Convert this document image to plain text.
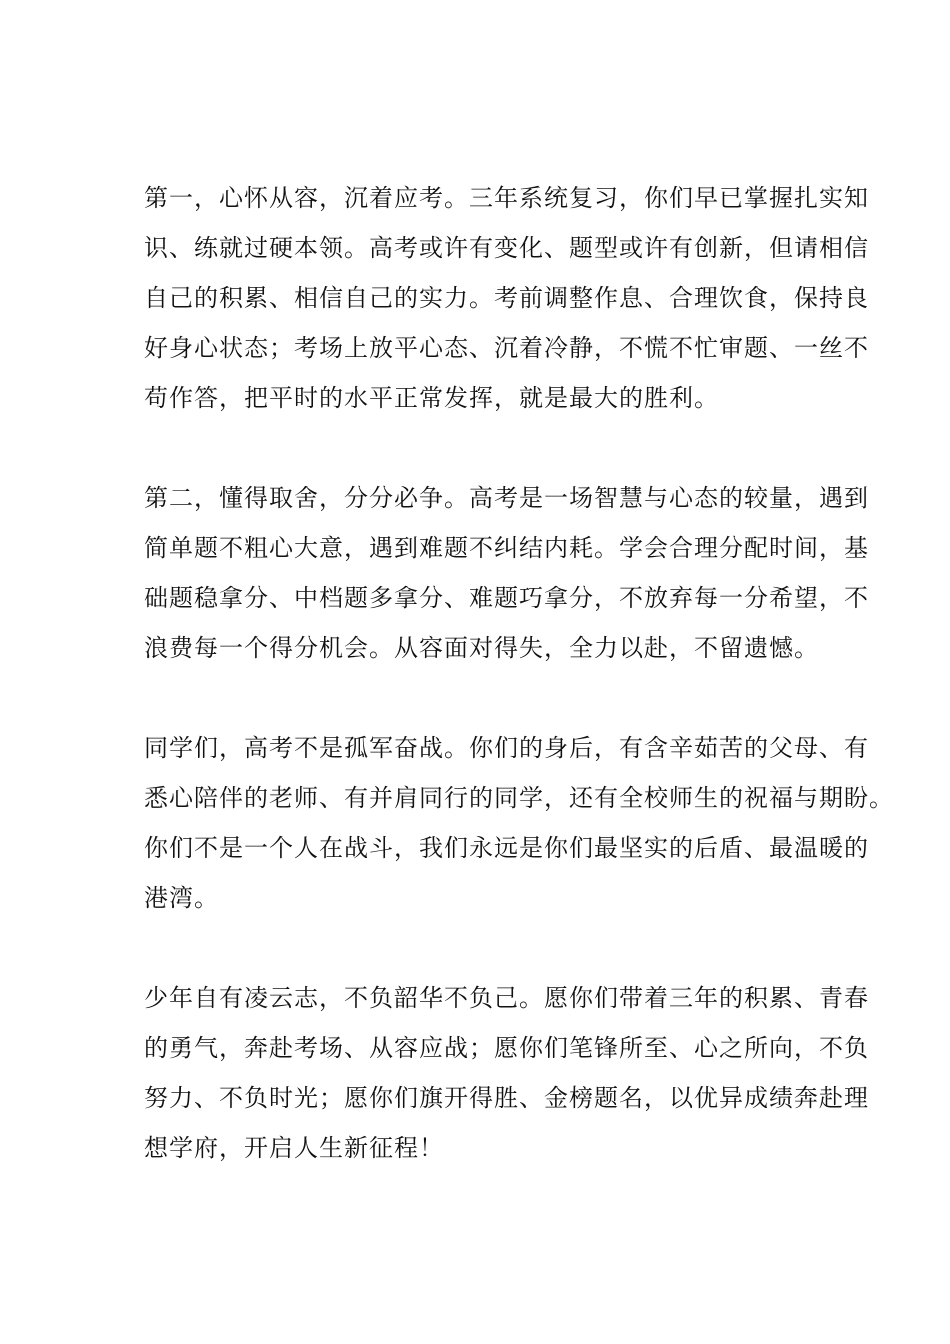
第一，心怀从容，沉着应考。三年系统复习，你们早已掌握扎实知
识、练就过硬本领。高考或许有变化、题型或许有创新，但请相信
自己的积累、相信自己的实力。考前调整作息、合理饮食，保持良
好身心状态；考场上放平心态、沉着冷静，不慌不忙审题、一丝不
苟作答，把平时的水平正常发挥，就是最大的胜利。
第二，懂得取舍，分分必争。高考是一场智慧与心态的较量，遇到
简单题不粗心大意，遇到难题不纠结内耗。学会合理分配时间，基
础题稳拿分、中档题多拿分、难题巧拿分，不放弃每一分希望，不
浪费每一个得分机会。从容面对得失，全力以赴，不留遗憾。
同学们，高考不是孤军奋战。你们的身后，有含辛茹苦的父母、有
悉心陪伴的老师、有并肩同行的同学，还有全校师生的祝福与期盼。
你们不是一个人在战斗，我们永远是你们最坚实的后盾、最温暖的
港湾。
少年自有凌云志，不负韶华不负己。愿你们带着三年的积累、青春
的勇气，奔赴考场、从容应战；愿你们笔锋所至、心之所向，不负
努力、不负时光；愿你们旗开得胜、金榜题名，以优异成绩奔赴理
想学府，开启人生新征程！
